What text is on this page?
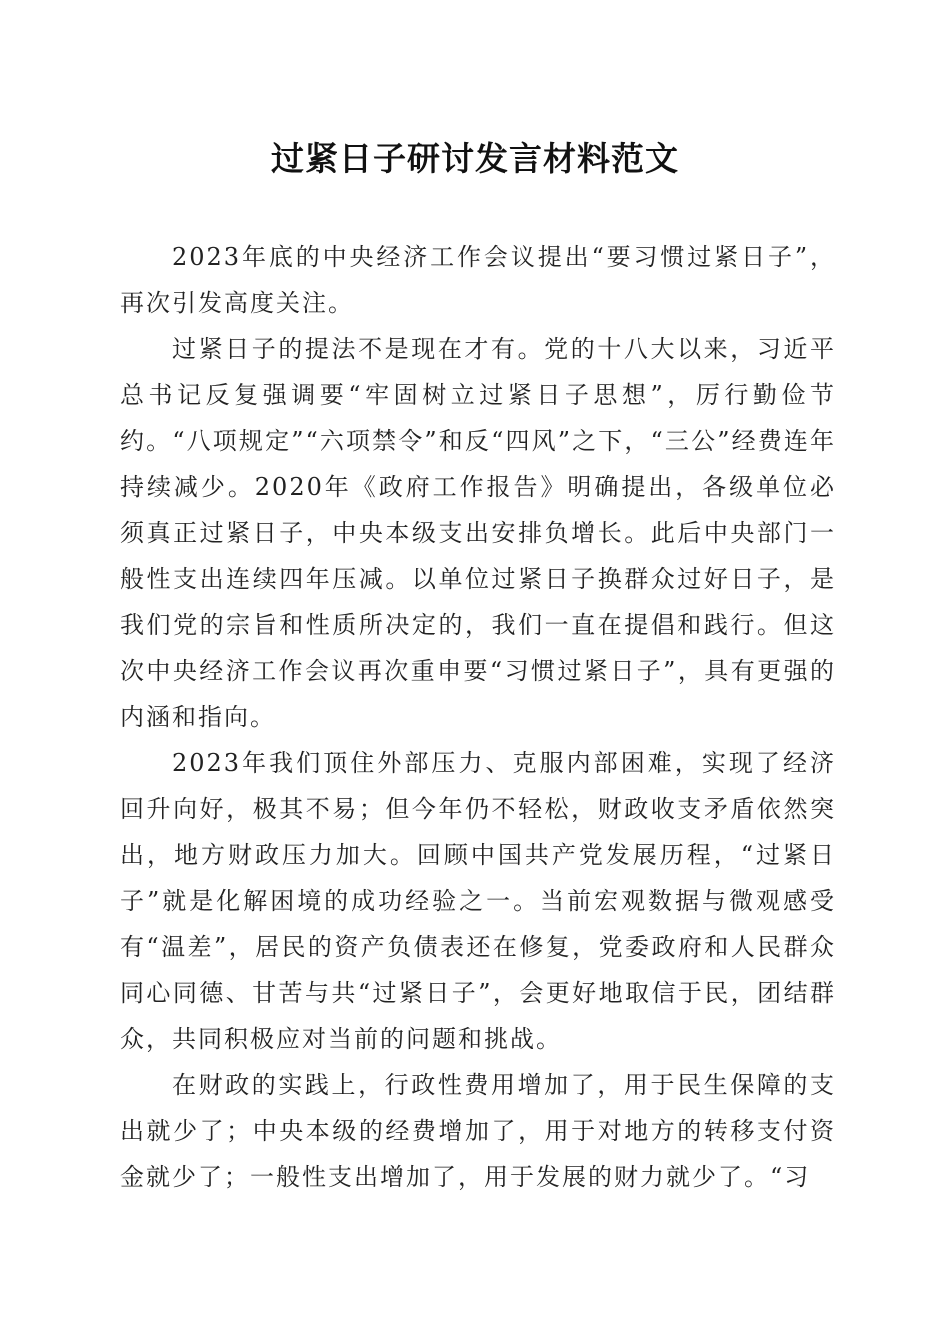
过紧日子研讨发言材料范文

2023年底的中央经济工作会议提出“要习惯过紧日子”，再次引发高度关注。

过紧日子的提法不是现在才有。党的十八大以来，习近平总书记反复强调要“牢固树立过紧日子思想”，厉行勤俭节约。“八项规定”“六项禁令”和反“四风”之下，“三公”经费连年持续减少。2020年《政府工作报告》明确提出，各级单位必须真正过紧日子，中央本级支出安排负增长。此后中央部门一般性支出连续四年压减。以单位过紧日子换群众过好日子，是我们党的宗旨和性质所决定的，我们一直在提倡和践行。但这次中央经济工作会议再次重申要“习惯过紧日子”，具有更强的内涵和指向。

2023年我们顶住外部压力、克服内部困难，实现了经济回升向好，极其不易；但今年仍不轻松，财政收支矛盾依然突出，地方财政压力加大。回顾中国共产党发展历程，“过紧日子”就是化解困境的成功经验之一。当前宏观数据与微观感受有“温差”，居民的资产负债表还在修复，党委政府和人民群众同心同德、甘苦与共“过紧日子”，会更好地取信于民，团结群众，共同积极应对当前的问题和挑战。

在财政的实践上，行政性费用增加了，用于民生保障的支出就少了；中央本级的经费增加了，用于对地方的转移支付资金就少了；一般性支出增加了，用于发展的财力就少了。“习
